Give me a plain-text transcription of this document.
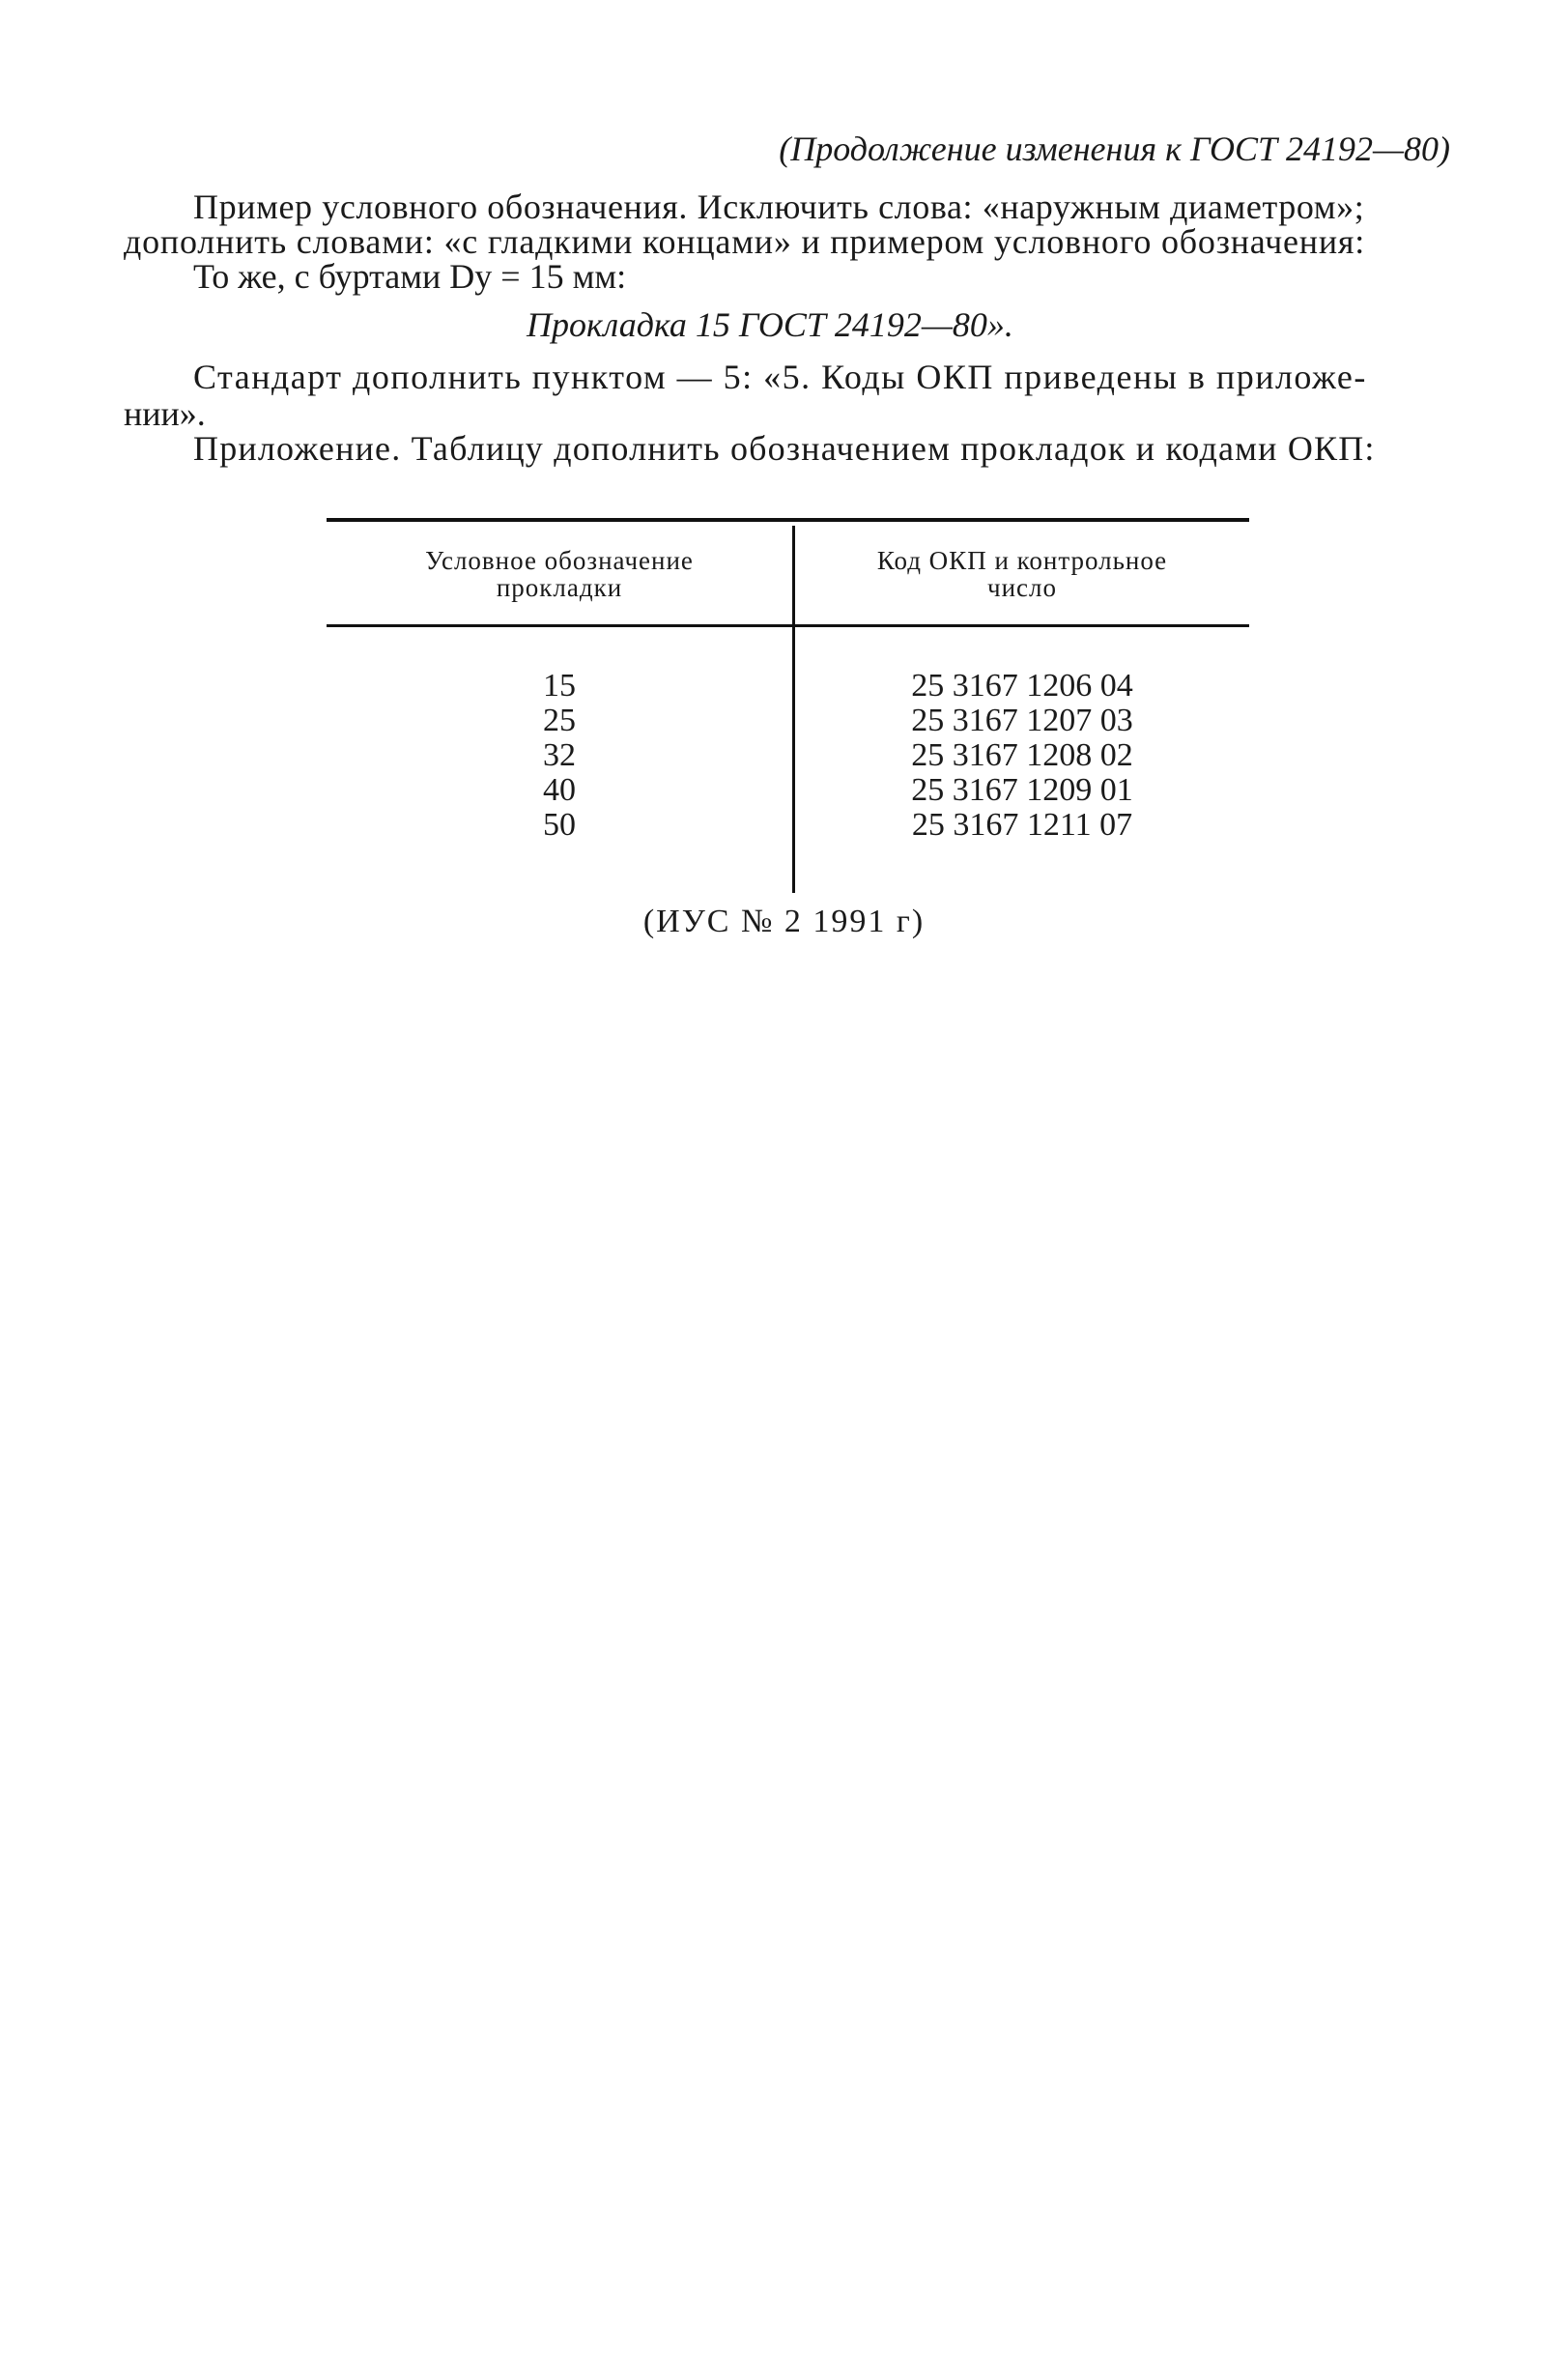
(Продолжение изменения к ГОСТ 24192—80)
Пример условного обозначения. Исключить слова: «наружным диаметром»;
дополнить словами: «с гладкими концами» и примером условного обозначения:
То же, с буртами Dу = 15 мм:
Прокладка 15 ГОСТ 24192—80».
Стандарт дополнить пунктом — 5: «5. Коды ОКП приведены в приложе-
нии».
Приложение. Таблицу дополнить обозначением прокладок и кодами ОКП:
Условное обозначение
прокладки
Код ОКП и контрольное
число
15
25
32
40
50
25 3167 1206 04
25 3167 1207 03
25 3167 1208 02
25 3167 1209 01
25 3167 1211 07
(ИУС № 2 1991 г)
